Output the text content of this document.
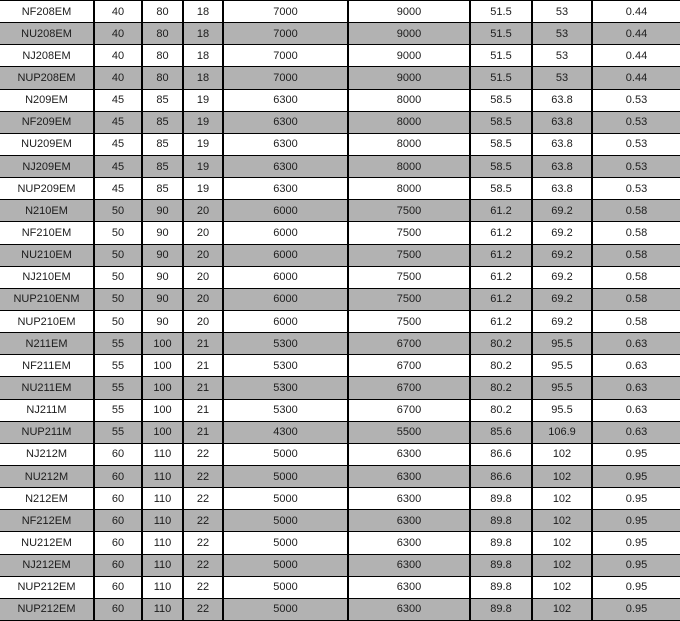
NF208EM	40	80	18	7000	9000	51.5	53	0.44
NU208EM	40	80	18	7000	9000	51.5	53	0.44
NJ208EM	40	80	18	7000	9000	51.5	53	0.44
NUP208EM	40	80	18	7000	9000	51.5	53	0.44
N209EM	45	85	19	6300	8000	58.5	63.8	0.53
NF209EM	45	85	19	6300	8000	58.5	63.8	0.53
NU209EM	45	85	19	6300	8000	58.5	63.8	0.53
NJ209EM	45	85	19	6300	8000	58.5	63.8	0.53
NUP209EM	45	85	19	6300	8000	58.5	63.8	0.53
N210EM	50	90	20	6000	7500	61.2	69.2	0.58
NF210EM	50	90	20	6000	7500	61.2	69.2	0.58
NU210EM	50	90	20	6000	7500	61.2	69.2	0.58
NJ210EM	50	90	20	6000	7500	61.2	69.2	0.58
NUP210ENM	50	90	20	6000	7500	61.2	69.2	0.58
NUP210EM	50	90	20	6000	7500	61.2	69.2	0.58
N211EM	55	100	21	5300	6700	80.2	95.5	0.63
NF211EM	55	100	21	5300	6700	80.2	95.5	0.63
NU211EM	55	100	21	5300	6700	80.2	95.5	0.63
NJ211M	55	100	21	5300	6700	80.2	95.5	0.63
NUP211M	55	100	21	4300	5500	85.6	106.9	0.63
NJ212M	60	110	22	5000	6300	86.6	102	0.95
NU212M	60	110	22	5000	6300	86.6	102	0.95
N212EM	60	110	22	5000	6300	89.8	102	0.95
NF212EM	60	110	22	5000	6300	89.8	102	0.95
NU212EM	60	110	22	5000	6300	89.8	102	0.95
NJ212EM	60	110	22	5000	6300	89.8	102	0.95
NUP212EM	60	110	22	5000	6300	89.8	102	0.95
NUP212EM	60	110	22	5000	6300	89.8	102	0.95
